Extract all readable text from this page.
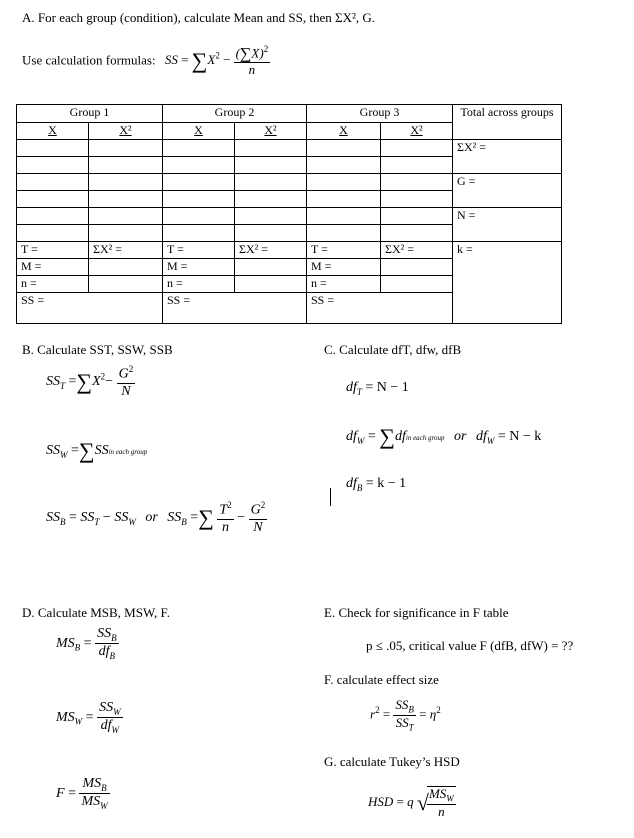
A. For each group (condition), calculate Mean and SS, then ΣX², G.
Use calculation formulas: SS = $\sum X^2 - \frac{(\sum X)^2}{n}$
Group 1		Group 2		Group 3		Total across groups
X	X²	X	X²	X	X²	
						ΣX² =

						G =

						N =

T =	ΣX² =	T =	ΣX² =	T =	ΣX² =	k =
M =		M =		M =		
n =		n =		n =		
SS =		SS =		SS =		
B. Calculate SST, SSW, SSB
$SS_T =\sum X^2- \frac{G^2}{N}$
$SS_W$ =∑SSin each group
$SS_B = SS_T - SS_W$ or $SS_B$ =∑ $\frac{T^2}{n} - \frac{G^2}{N}$
C. Calculate dfT, dfw, dfB
$df_T = N - 1$
$df_W$ = ∑dfin each group or $df_W = N - k$
$df_B = k - 1$
D. Calculate MSB, MSW, F.
$MS_B = \frac{SS_B}{df_B}$
$MS_W = \frac{SS_W}{df_W}$
$F = \frac{MS_B}{MS_W}$
E. Check for significance in F table
p ≤ .05, critical value F (dfB, dfW) = ??
F. calculate effect size
$r^2 = \frac{SS_B}{SS_T} = \eta^2$
G. calculate Tukey’s HSD
HSD = q √
$\frac{MS_W}{n}$
